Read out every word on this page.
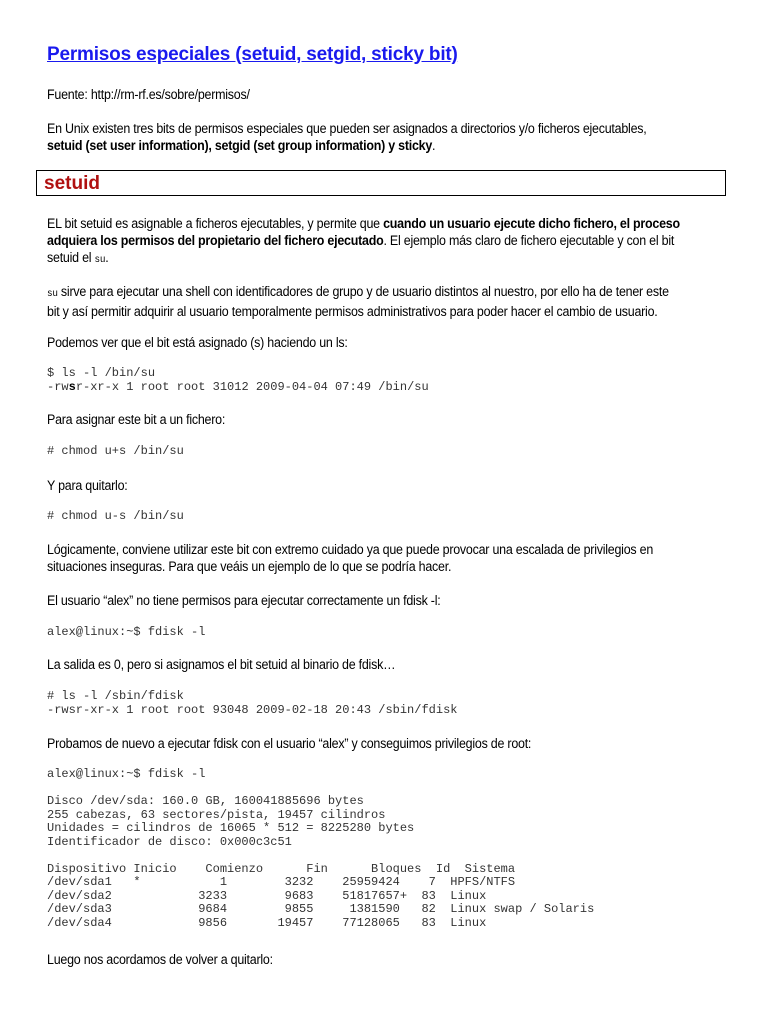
Permisos especiales (setuid, setgid, sticky bit)

Fuente: http://rm-rf.es/sobre/permisos/

En Unix existen tres bits de permisos especiales que pueden ser asignados a directorios y/o ficheros ejecutables,
setuid (set user information), setgid (set group information) y sticky.

setuid

EL bit setuid es asignable a ficheros ejecutables, y permite que cuando un usuario ejecute dicho fichero, el proceso
adquiera los permisos del propietario del fichero ejecutado. El ejemplo más claro de fichero ejecutable y con el bit
setuid el su.

su sirve para ejecutar una shell con identificadores de grupo y de usuario distintos al nuestro, por ello ha de tener este
bit y así permitir adquirir al usuario temporalmente permisos administrativos para poder hacer el cambio de usuario.

Podemos ver que el bit está asignado (s) haciendo un ls:

$ ls -l /bin/su
-rwsr-xr-x 1 root root 31012 2009-04-04 07:49 /bin/su

Para asignar este bit a un fichero:

# chmod u+s /bin/su

Y para quitarlo:

# chmod u-s /bin/su

Lógicamente, conviene utilizar este bit con extremo cuidado ya que puede provocar una escalada de privilegios en
situaciones inseguras. Para que veáis un ejemplo de lo que se podría hacer.

El usuario “alex” no tiene permisos para ejecutar correctamente un fdisk -l:

alex@linux:~$ fdisk -l

La salida es 0, pero si asignamos el bit setuid al binario de fdisk…

# ls -l /sbin/fdisk
-rwsr-xr-x 1 root root 93048 2009-02-18 20:43 /sbin/fdisk

Probamos de nuevo a ejecutar fdisk con el usuario “alex” y conseguimos privilegios de root:

alex@linux:~$ fdisk -l

Disco /dev/sda: 160.0 GB, 160041885696 bytes
255 cabezas, 63 sectores/pista, 19457 cilindros
Unidades = cilindros de 16065 * 512 = 8225280 bytes
Identificador de disco: 0x000c3c51

Dispositivo Inicio    Comienzo      Fin      Bloques  Id  Sistema
/dev/sda1   *           1        3232    25959424    7  HPFS/NTFS
/dev/sda2            3233        9683    51817657+  83  Linux
/dev/sda3            9684        9855     1381590   82  Linux swap / Solaris
/dev/sda4            9856       19457    77128065   83  Linux

Luego nos acordamos de volver a quitarlo:
